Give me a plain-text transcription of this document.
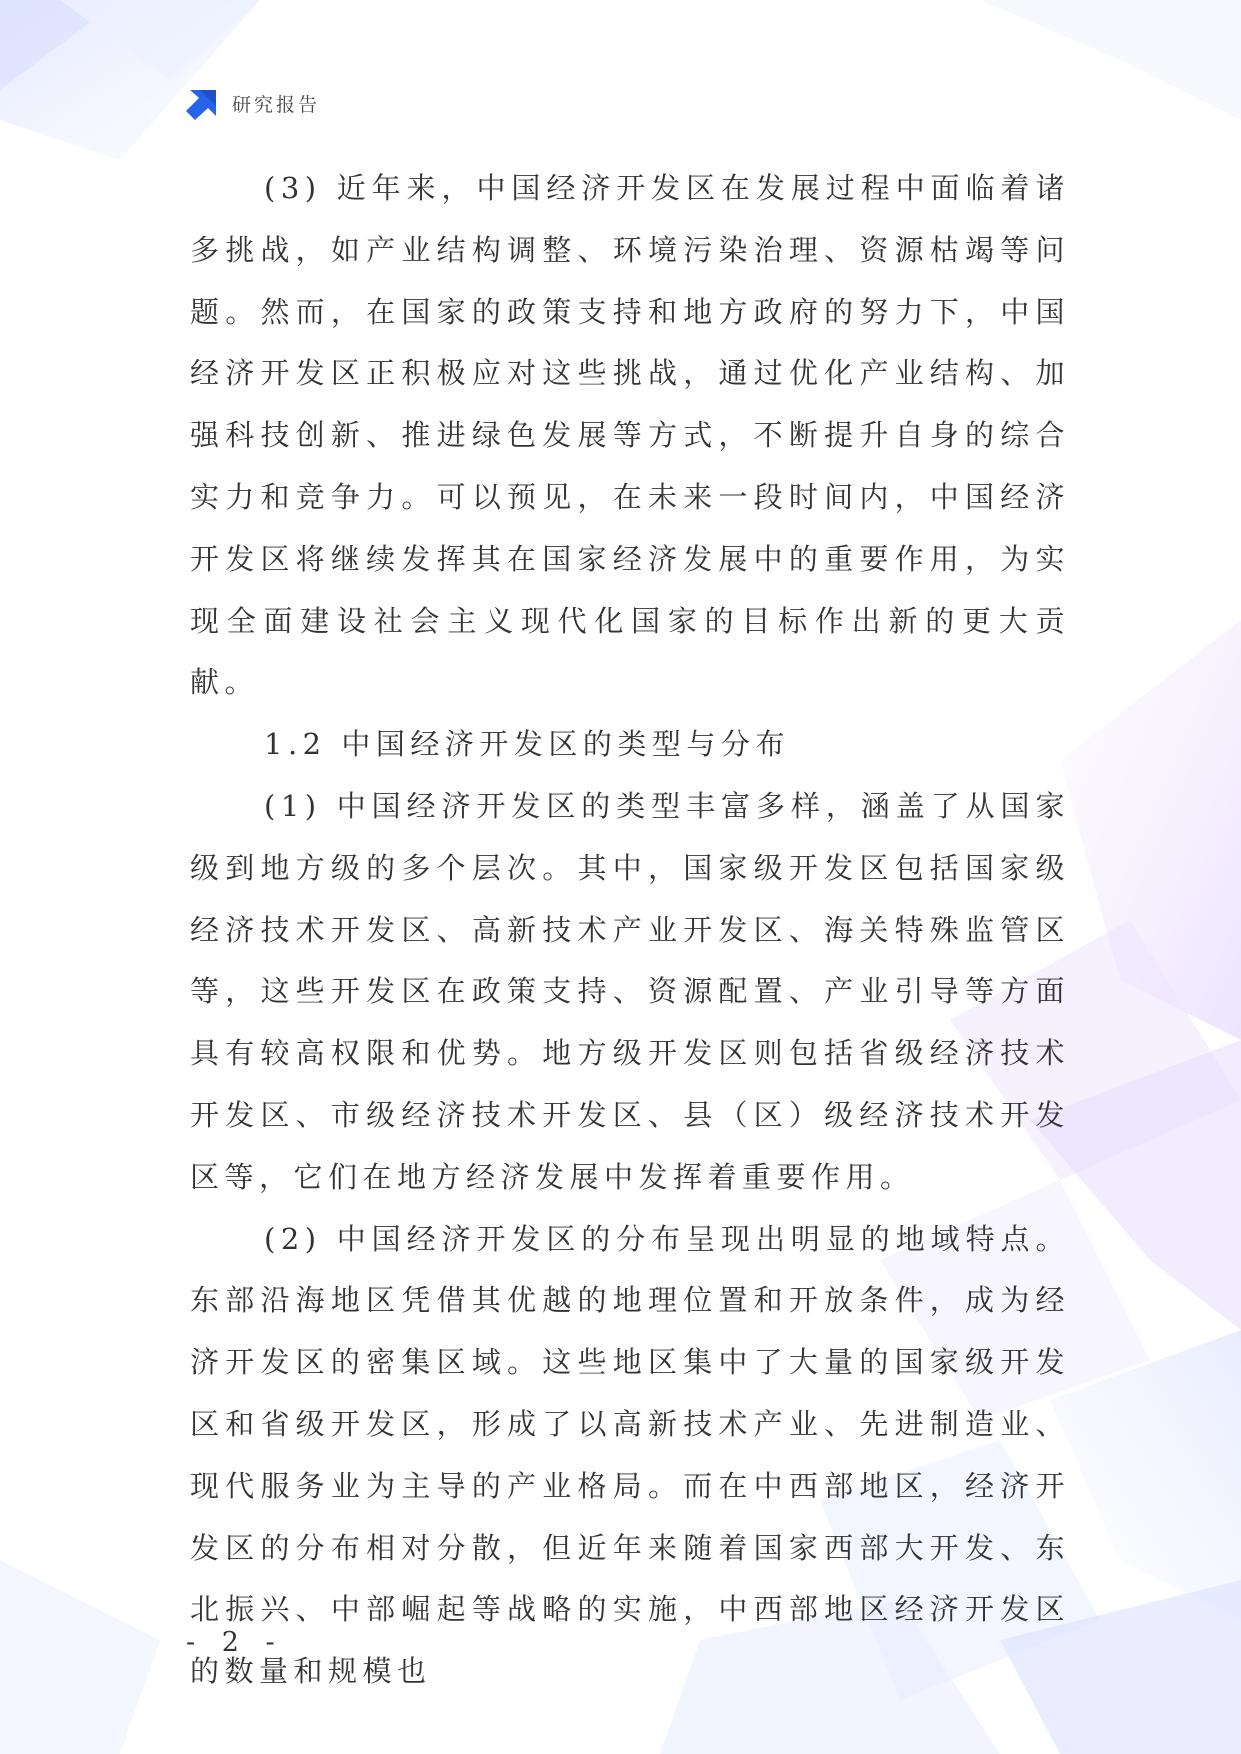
研究报告

(3) 近年来，中国经济开发区在发展过程中面临着诸多挑战，如产业结构调整、环境污染治理、资源枯竭等问题。然而，在国家的政策支持和地方政府的努力下，中国经济开发区正积极应对这些挑战，通过优化产业结构、加强科技创新、推进绿色发展等方式，不断提升自身的综合实力和竞争力。可以预见，在未来一段时间内，中国经济开发区将继续发挥其在国家经济发展中的重要作用，为实现全面建设社会主义现代化国家的目标作出新的更大贡献。

1.2 中国经济开发区的类型与分布

(1) 中国经济开发区的类型丰富多样，涵盖了从国家级到地方级的多个层次。其中，国家级开发区包括国家级经济技术开发区、高新技术产业开发区、海关特殊监管区等，这些开发区在政策支持、资源配置、产业引导等方面具有较高权限和优势。地方级开发区则包括省级经济技术开发区、市级经济技术开发区、县（区）级经济技术开发区等，它们在地方经济发展中发挥着重要作用。

(2) 中国经济开发区的分布呈现出明显的地域特点。东部沿海地区凭借其优越的地理位置和开放条件，成为经济开发区的密集区域。这些地区集中了大量的国家级开发区和省级开发区，形成了以高新技术产业、先进制造业、现代服务业为主导的产业格局。而在中西部地区，经济开发区的分布相对分散，但近年来随着国家西部大开发、东北振兴、中部崛起等战略的实施，中西部地区经济开发区的数量和规模也

- 2 -
